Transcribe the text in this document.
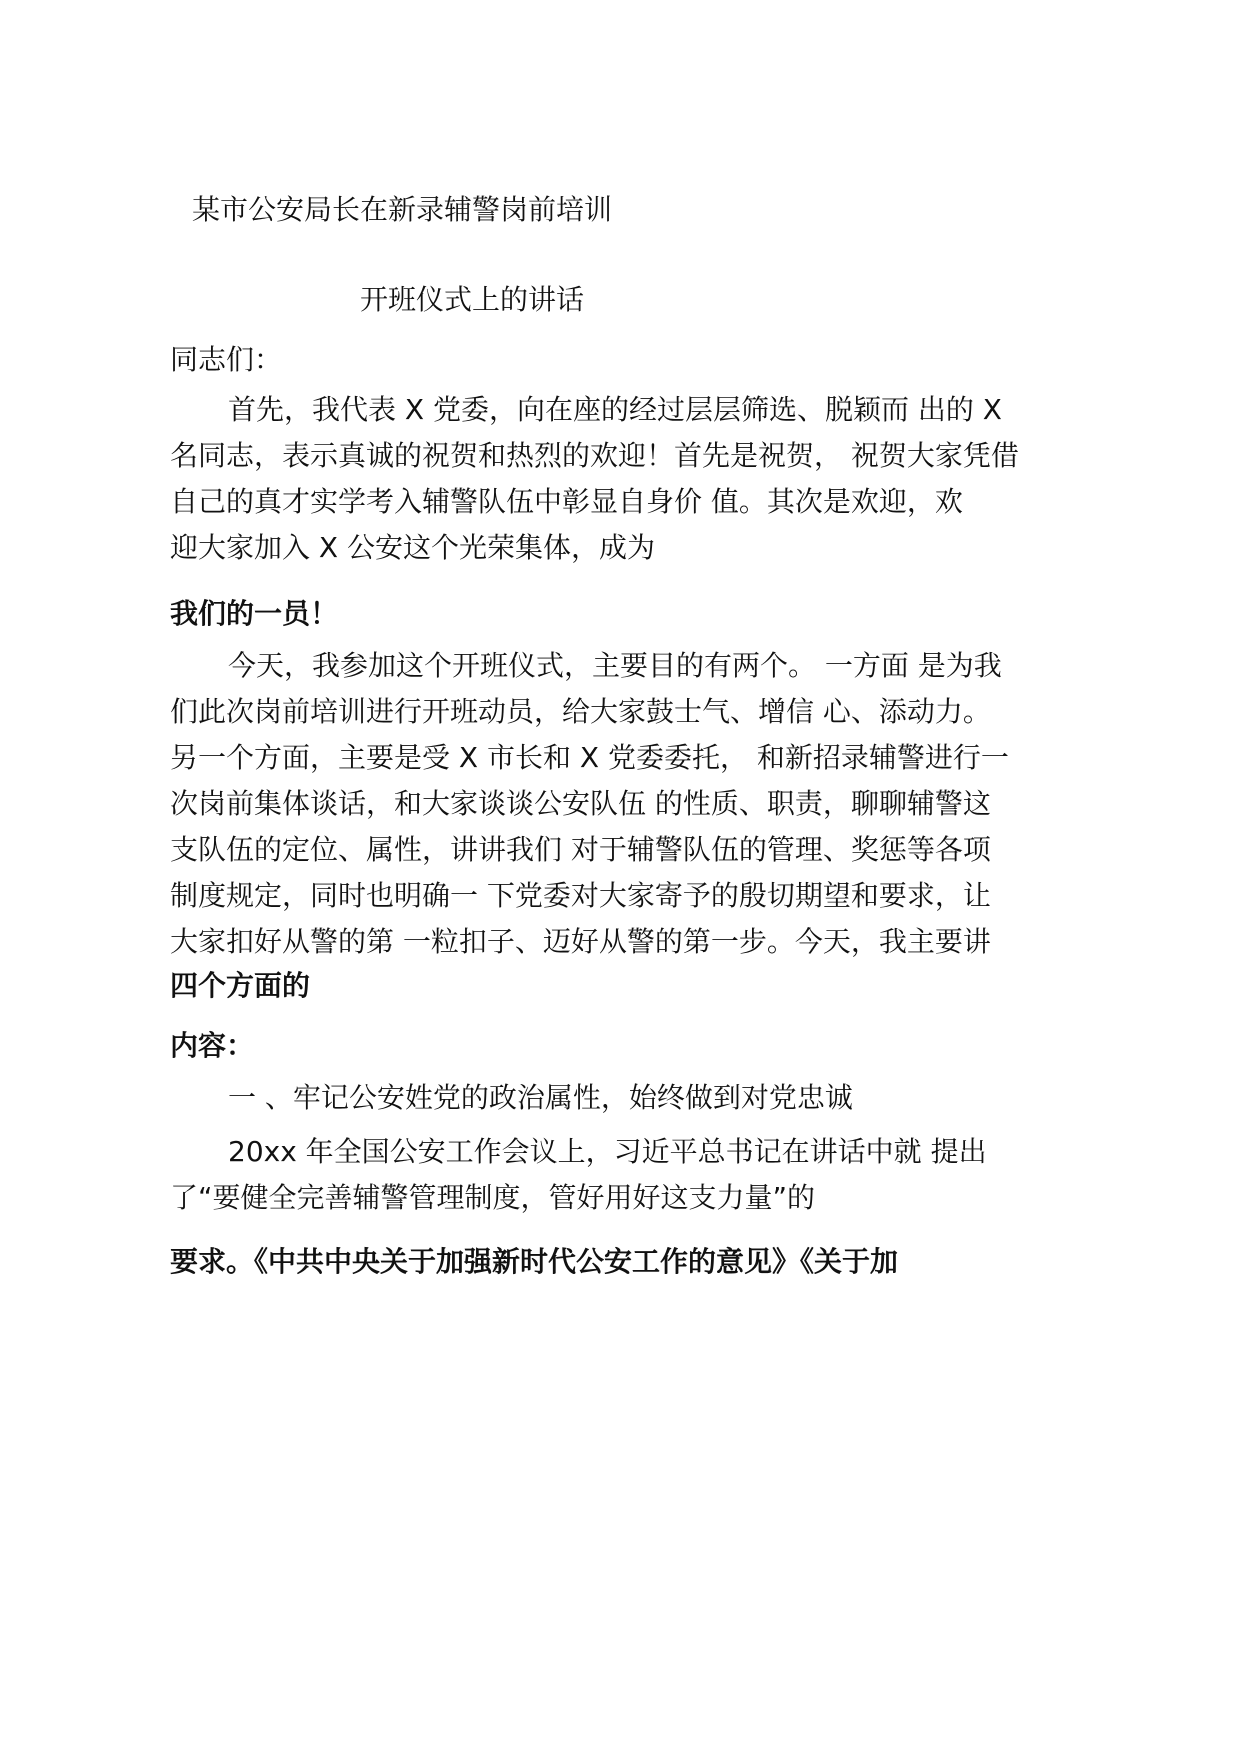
某市公安局长在新录辅警岗前培训
开班仪式上的讲话
同志们：
首先，我代表 X 党委，向在座的经过层层筛选、脱颖而 出的 X
名同志，表示真诚的祝贺和热烈的欢迎！首先是祝贺， 祝贺大家凭借
自己的真才实学考入辅警队伍中彰显自身价 值。其次是欢迎，欢
迎大家加入 X 公安这个光荣集体，成为
我们的一员！
今天，我参加这个开班仪式，主要目的有两个。 一方面 是为我
们此次岗前培训进行开班动员，给大家鼓士气、增信 心、添动力。
另一个方面，主要是受 X 市长和 X 党委委托， 和新招录辅警进行一
次岗前集体谈话，和大家谈谈公安队伍 的性质、职责，聊聊辅警这
支队伍的定位、属性，讲讲我们 对于辅警队伍的管理、奖惩等各项
制度规定，同时也明确一 下党委对大家寄予的殷切期望和要求，让
大家扣好从警的第 一粒扣子、迈好从警的第一步。今天，我主要讲
四个方面的
内容：
一 、牢记公安姓党的政治属性，始终做到对党忠诚
20xx 年全国公安工作会议上，习近平总书记在讲话中就 提出
了“要健全完善辅警管理制度，管好用好这支力量”的
要求。《中共中央关于加强新时代公安工作的意见》《关于加
